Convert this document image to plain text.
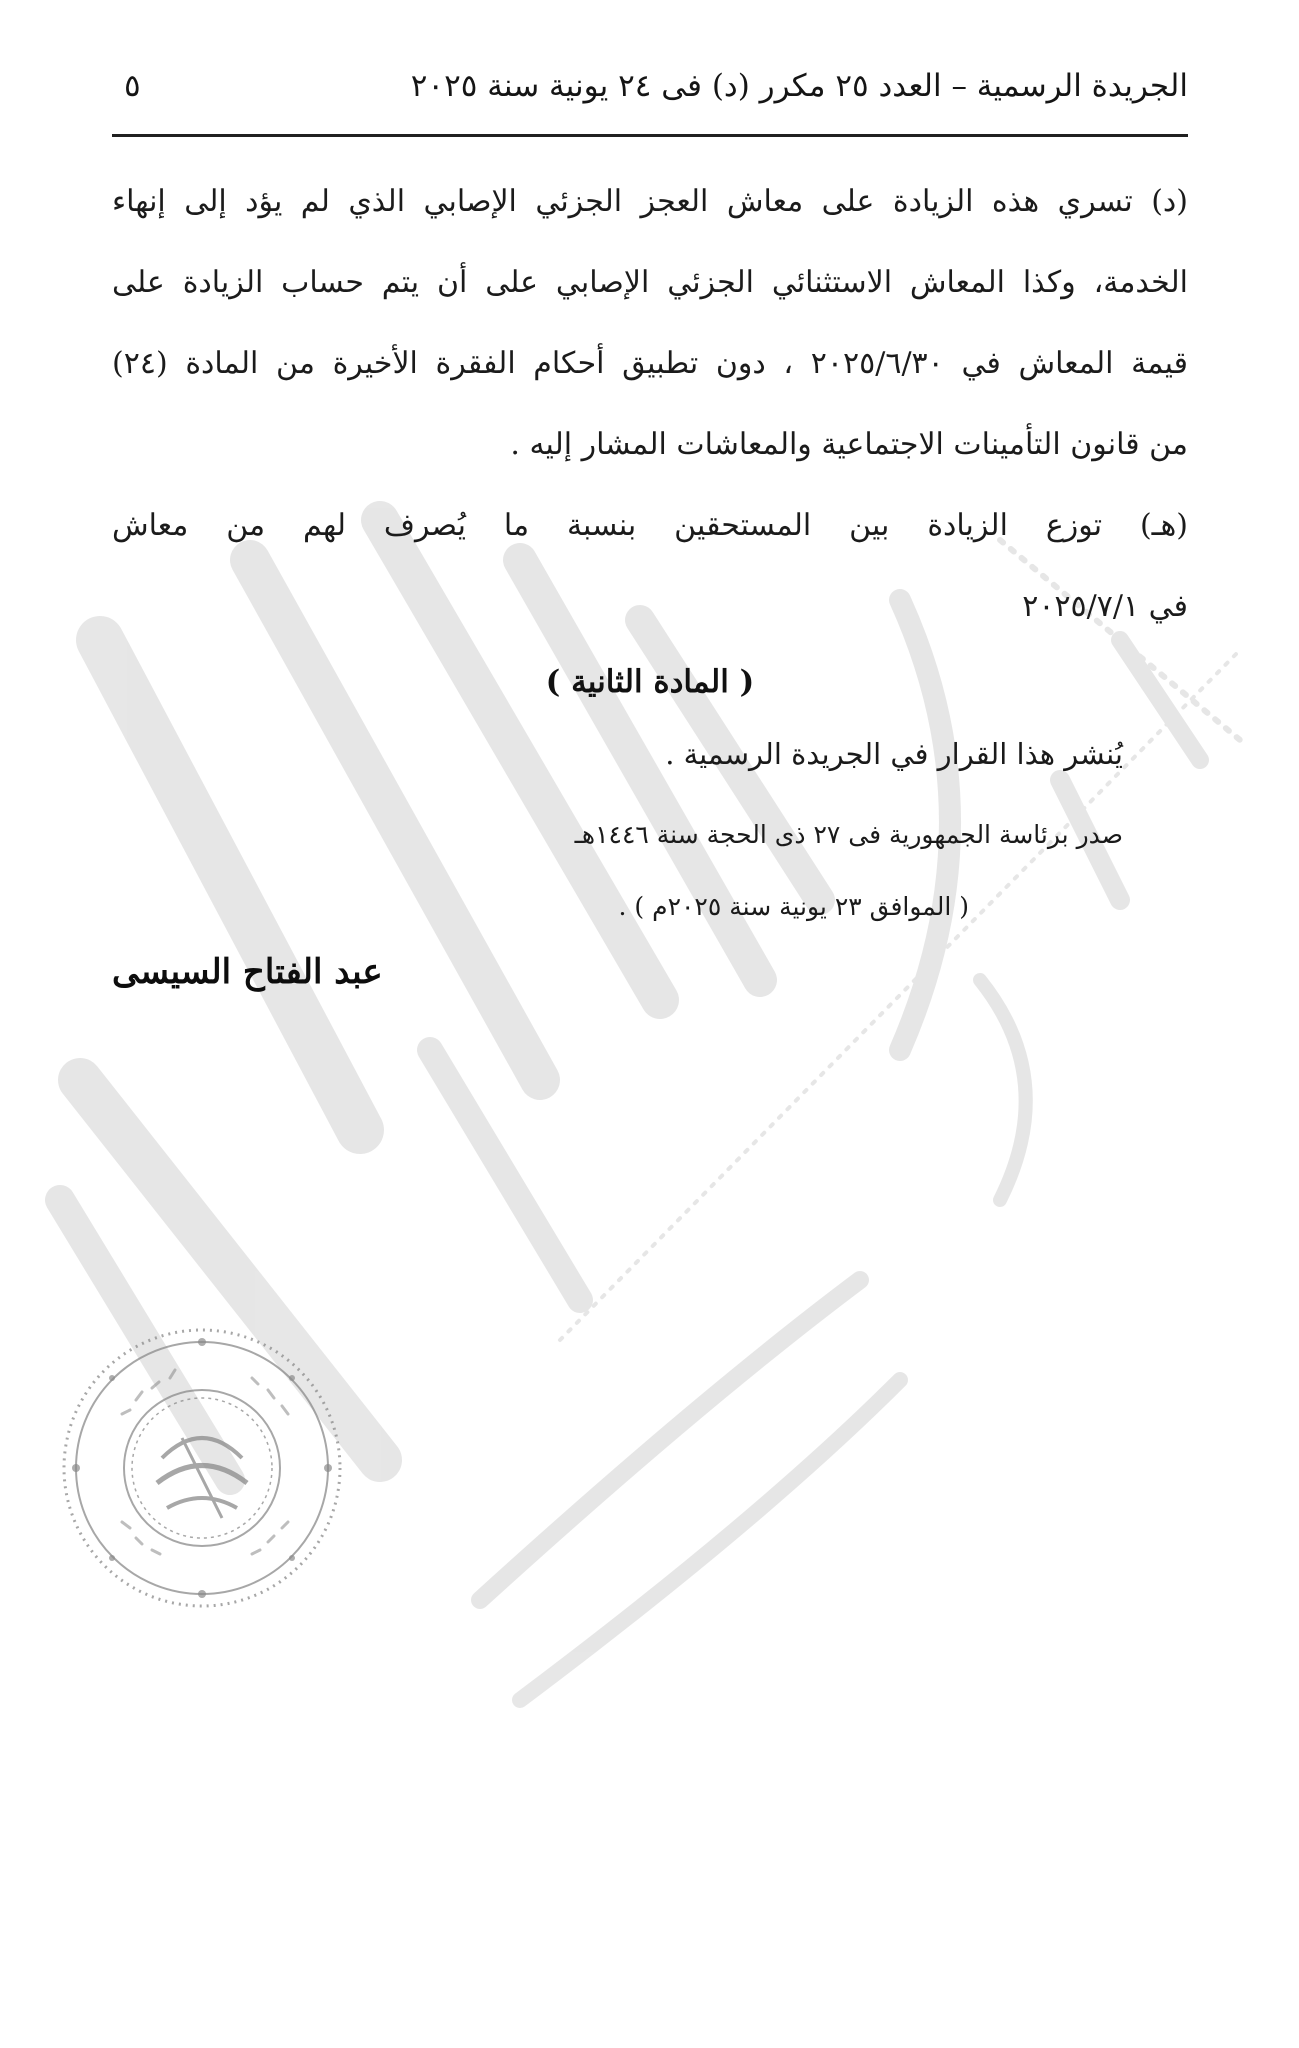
الجريدة الرسمية – العدد ٢٥ مكرر (د) فى ٢٤ يونية سنة ٢٠٢٥
٥
(د) تسري هذه الزيادة على معاش العجز الجزئي الإصابي الذي لم يؤد إلى إنهاء
الخدمة، وكذا المعاش الاستثنائي الجزئي الإصابي على أن يتم حساب الزيادة على
قيمة المعاش في ٢٠٢٥/٦/٣٠ ، دون تطبيق أحكام الفقرة الأخيرة من المادة (٢٤)
من قانون التأمينات الاجتماعية والمعاشات المشار إليه .
(هـ) توزع الزيادة بين المستحقين بنسبة ما يُصرف لهم من معاش
في ٢٠٢٥/٧/١
( المادة الثانية )
يُنشر هذا القرار في الجريدة الرسمية .
صدر برئاسة الجمهورية فى ٢٧ ذى الحجة سنة ١٤٤٦هـ
( الموافق ٢٣ يونية سنة ٢٠٢٥م ) .
عبد الفتاح السيسى
